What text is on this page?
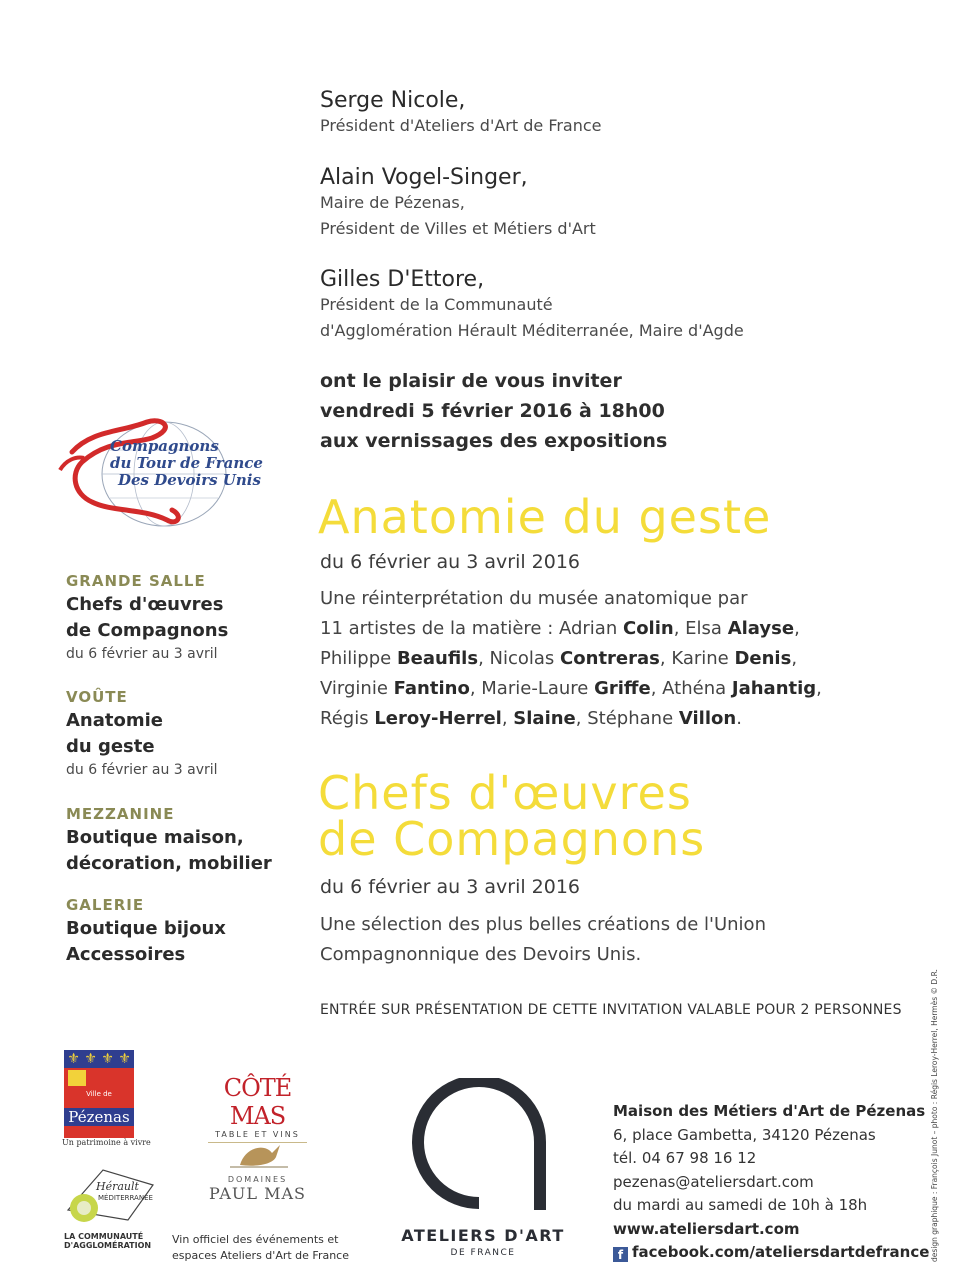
Serge Nicole,
Président d'Ateliers d'Art de France
Alain Vogel-Singer,
Maire de Pézenas,
Président de Villes et Métiers d'Art
Gilles D'Ettore,
Président de la Communauté
d'Agglomération Hérault Méditerranée, Maire d'Agde
ont le plaisir de vous inviter
vendredi 5 février 2016 à 18h00
aux vernissages des expositions
Anatomie du geste
du 6 février au 3 avril 2016
Une réinterprétation du musée anatomique par
11 artistes de la matière : Adrian Colin, Elsa Alayse, Philippe Beaufils, Nicolas Contreras, Karine Denis, Virginie Fantino, Marie-Laure Griffe, Athéna Jahantig, Régis Leroy-Herrel, Slaine, Stéphane Villon.
Chefs d'œuvres
de Compagnons
du 6 février au 3 avril 2016
Une sélection des plus belles créations de l'Union
Compagnonnique des Devoirs Unis.
ENTRÉE SUR PRÉSENTATION DE CETTE INVITATION VALABLE POUR 2 PERSONNES
Compagnons
du Tour de France
Des Devoirs Unis
GRANDE SALLE
Chefs d'œuvres
de Compagnons
du 6 février au 3 avril
VOÛTE
Anatomie
du geste
du 6 février au 3 avril
MEZZANINE
Boutique maison,
décoration, mobilier
GALERIE
Boutique bijoux
Accessoires
⚜ ⚜ ⚜ ⚜
Ville de
Pézenas
Un patrimoine à vivre
Hérault
MÉDITERRANÉE
LA COMMUNAUTÉ
D'AGGLOMÉRATION
CÔTÉ MAS
TABLE ET VINS
DOMAINES
PAUL MAS
Vin officiel des événements et
espaces Ateliers d'Art de France
ATELIERS D'ART
DE FRANCE
Maison des Métiers d'Art de Pézenas
6, place Gambetta, 34120 Pézenas
tél. 04 67 98 16 12
pezenas@ateliersdart.com
du mardi au samedi de 10h à 18h
www.ateliersdart.com
f facebook.com/ateliersdartdefrance design graphique : François Junot – photo : Régis Leroy-Herrel, Hermès © D.R.
